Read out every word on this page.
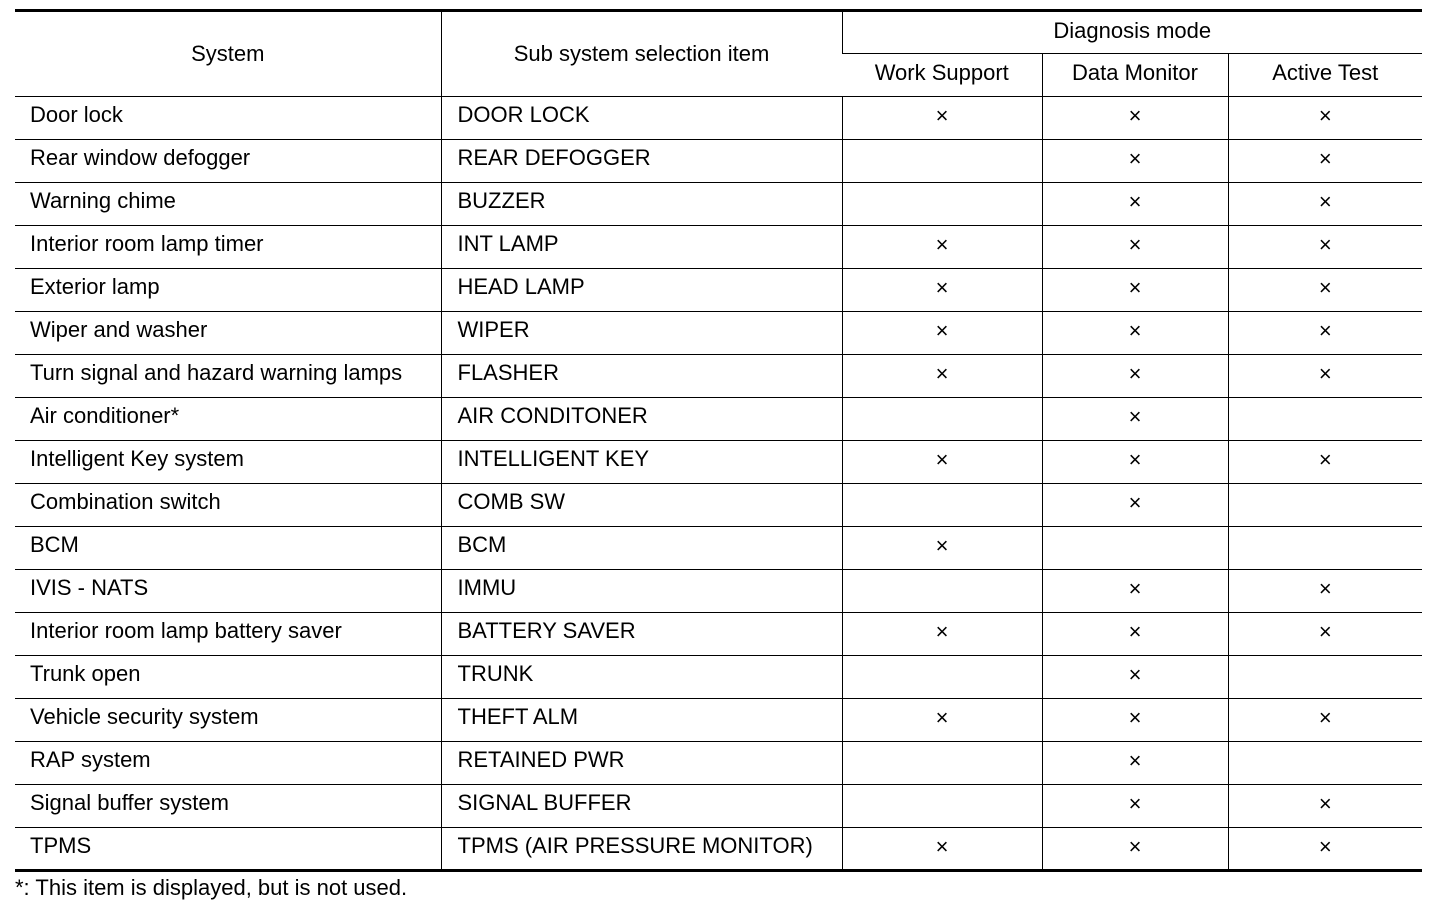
System	Sub system selection item	Diagnosis mode		
		Work Support	Data Monitor	Active Test
Door lock	DOOR LOCK	×	×	×
Rear window defogger	REAR DEFOGGER		×	×
Warning chime	BUZZER		×	×
Interior room lamp timer	INT LAMP	×	×	×
Exterior lamp	HEAD LAMP	×	×	×
Wiper and washer	WIPER	×	×	×
Turn signal and hazard warning lamps	FLASHER	×	×	×
Air conditioner*	AIR CONDITONER		×	
Intelligent Key system	INTELLIGENT KEY	×	×	×
Combination switch	COMB SW		×	
BCM	BCM	×		
IVIS - NATS	IMMU		×	×
Interior room lamp battery saver	BATTERY SAVER	×	×	×
Trunk open	TRUNK		×	
Vehicle security system	THEFT ALM	×	×	×
RAP system	RETAINED PWR		×	
Signal buffer system	SIGNAL BUFFER		×	×
TPMS	TPMS (AIR PRESSURE MONITOR)	×	×	×
*: This item is displayed, but is not used.
